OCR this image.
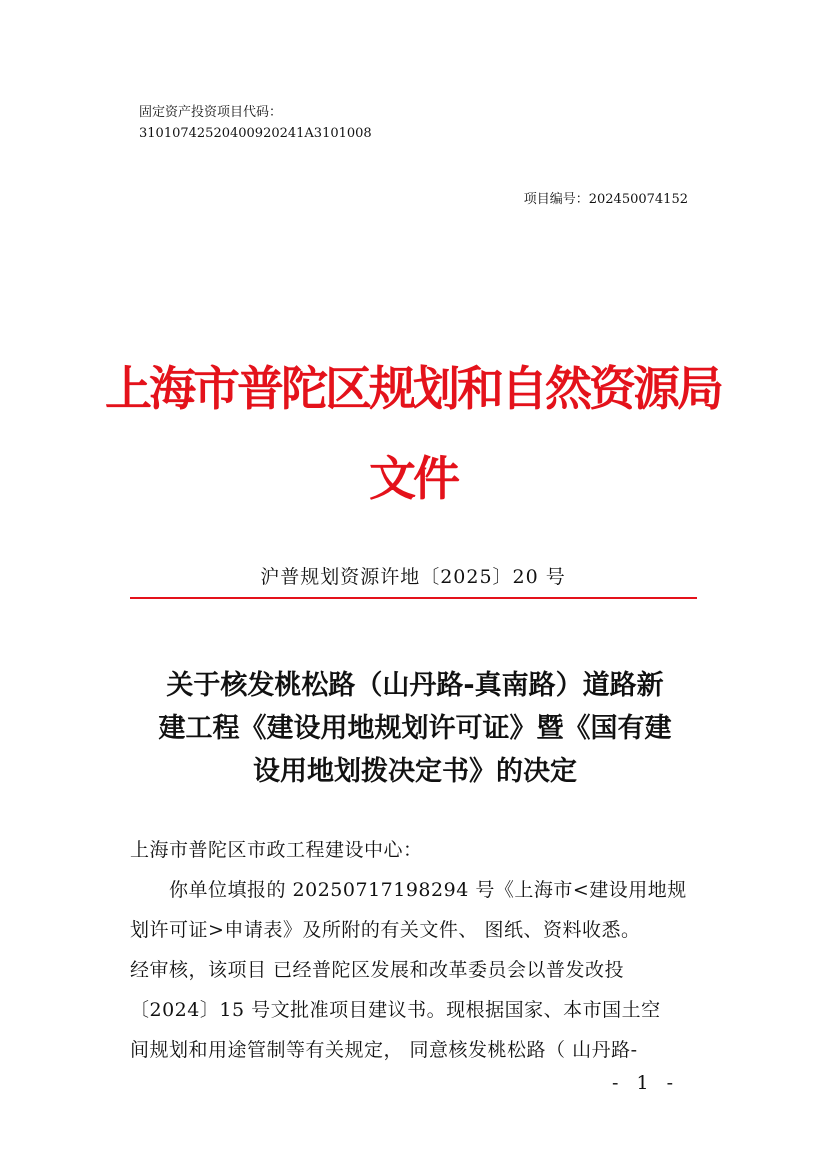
固定资产投资项目代码：
31010742520400920241A3101008
项目编号：202450074152
上海市普陀区规划和自然资源局
文件
沪普规划资源许地〔2025〕20 号
关于核发桃松路（山丹路-真南路）道路新
建工程《建设用地规划许可证》暨《国有建
设用地划拨决定书》的决定
上海市普陀区市政工程建设中心：
　　你单位填报的 20250717198294 号《上海市<建设用地规
划许可证>申请表》及所附的有关文件、 图纸、资料收悉。
经审核，该项目 已经普陀区发展和改革委员会以普发改投
〔2024〕15 号文批准项目建议书。现根据国家、本市国土空
间规划和用途管制等有关规定， 同意核发桃松路（ 山丹路-
- 1 -
